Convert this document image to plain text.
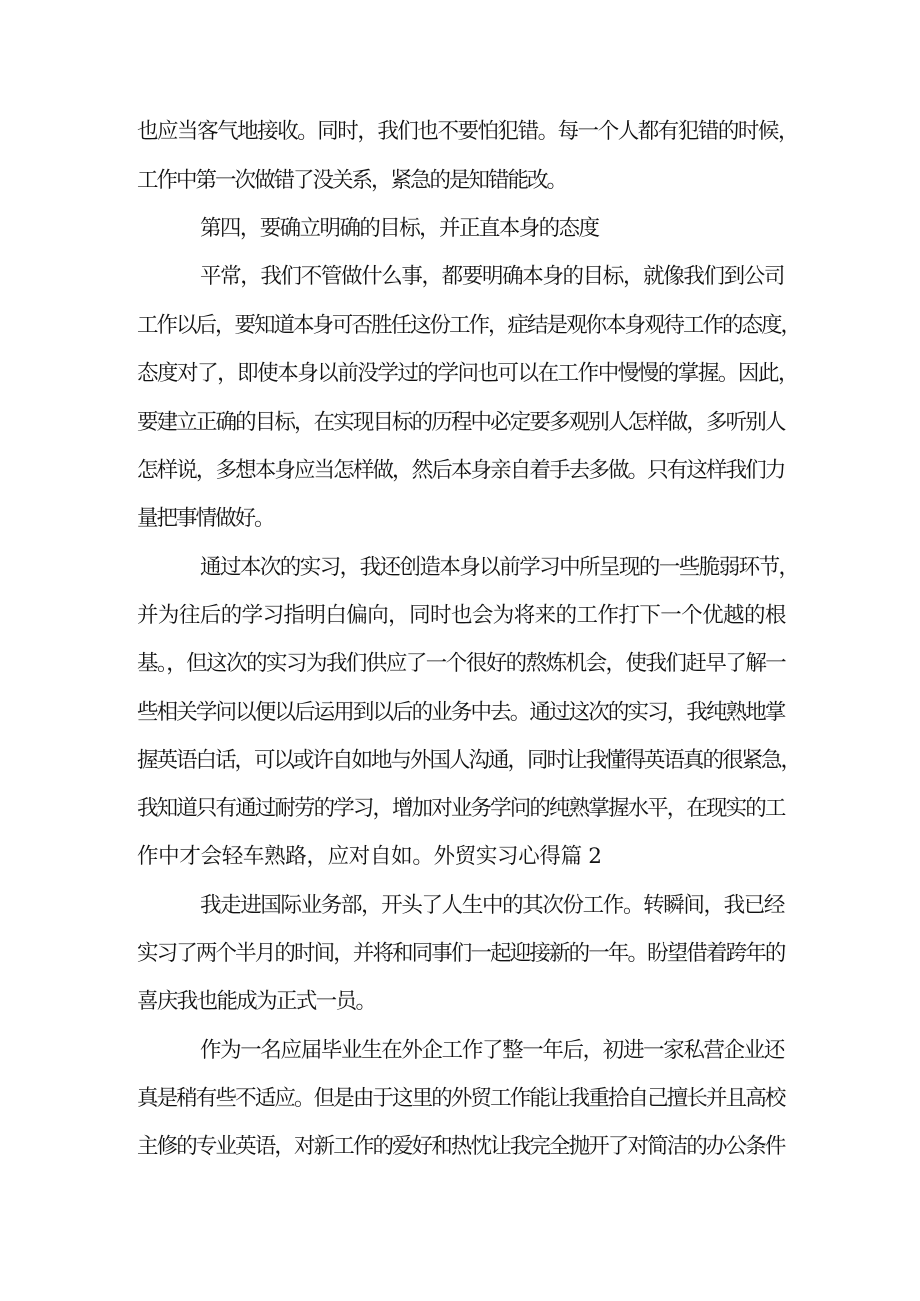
也应当客气地接收。同时，我们也不要怕犯错。每一个人都有犯错的时候，
工作中第一次做错了没关系，紧急的是知错能改。
第四，要确立明确的目标，并正直本身的态度
平常，我们不管做什么事，都要明确本身的目标，就像我们到公司
工作以后，要知道本身可否胜任这份工作，症结是观你本身观待工作的态度，
态度对了，即使本身以前没学过的学问也可以在工作中慢慢的掌握。因此，
要建立正确的目标，在实现目标的历程中必定要多观别人怎样做，多听别人
怎样说，多想本身应当怎样做，然后本身亲自着手去多做。只有这样我们力
量把事情做好。
通过本次的实习，我还创造本身以前学习中所呈现的一些脆弱环节，
并为往后的学习指明白偏向，同时也会为将来的工作打下一个优越的根
基。，但这次的实习为我们供应了一个很好的熬炼机会，使我们赶早了解一
些相关学问以便以后运用到以后的业务中去。通过这次的实习，我纯熟地掌
握英语白话，可以或许自如地与外国人沟通，同时让我懂得英语真的很紧急，
我知道只有通过耐劳的学习，增加对业务学问的纯熟掌握水平，在现实的工
作中才会轻车熟路，应对自如。外贸实习心得篇 2
我走进国际业务部，开头了人生中的其次份工作。转瞬间，我已经
实习了两个半月的时间，并将和同事们一起迎接新的一年。盼望借着跨年的
喜庆我也能成为正式一员。
作为一名应届毕业生在外企工作了整一年后，初进一家私营企业还
真是稍有些不适应。但是由于这里的外贸工作能让我重拾自己擅长并且高校
主修的专业英语，对新工作的爱好和热忱让我完全抛开了对简洁的办公条件
